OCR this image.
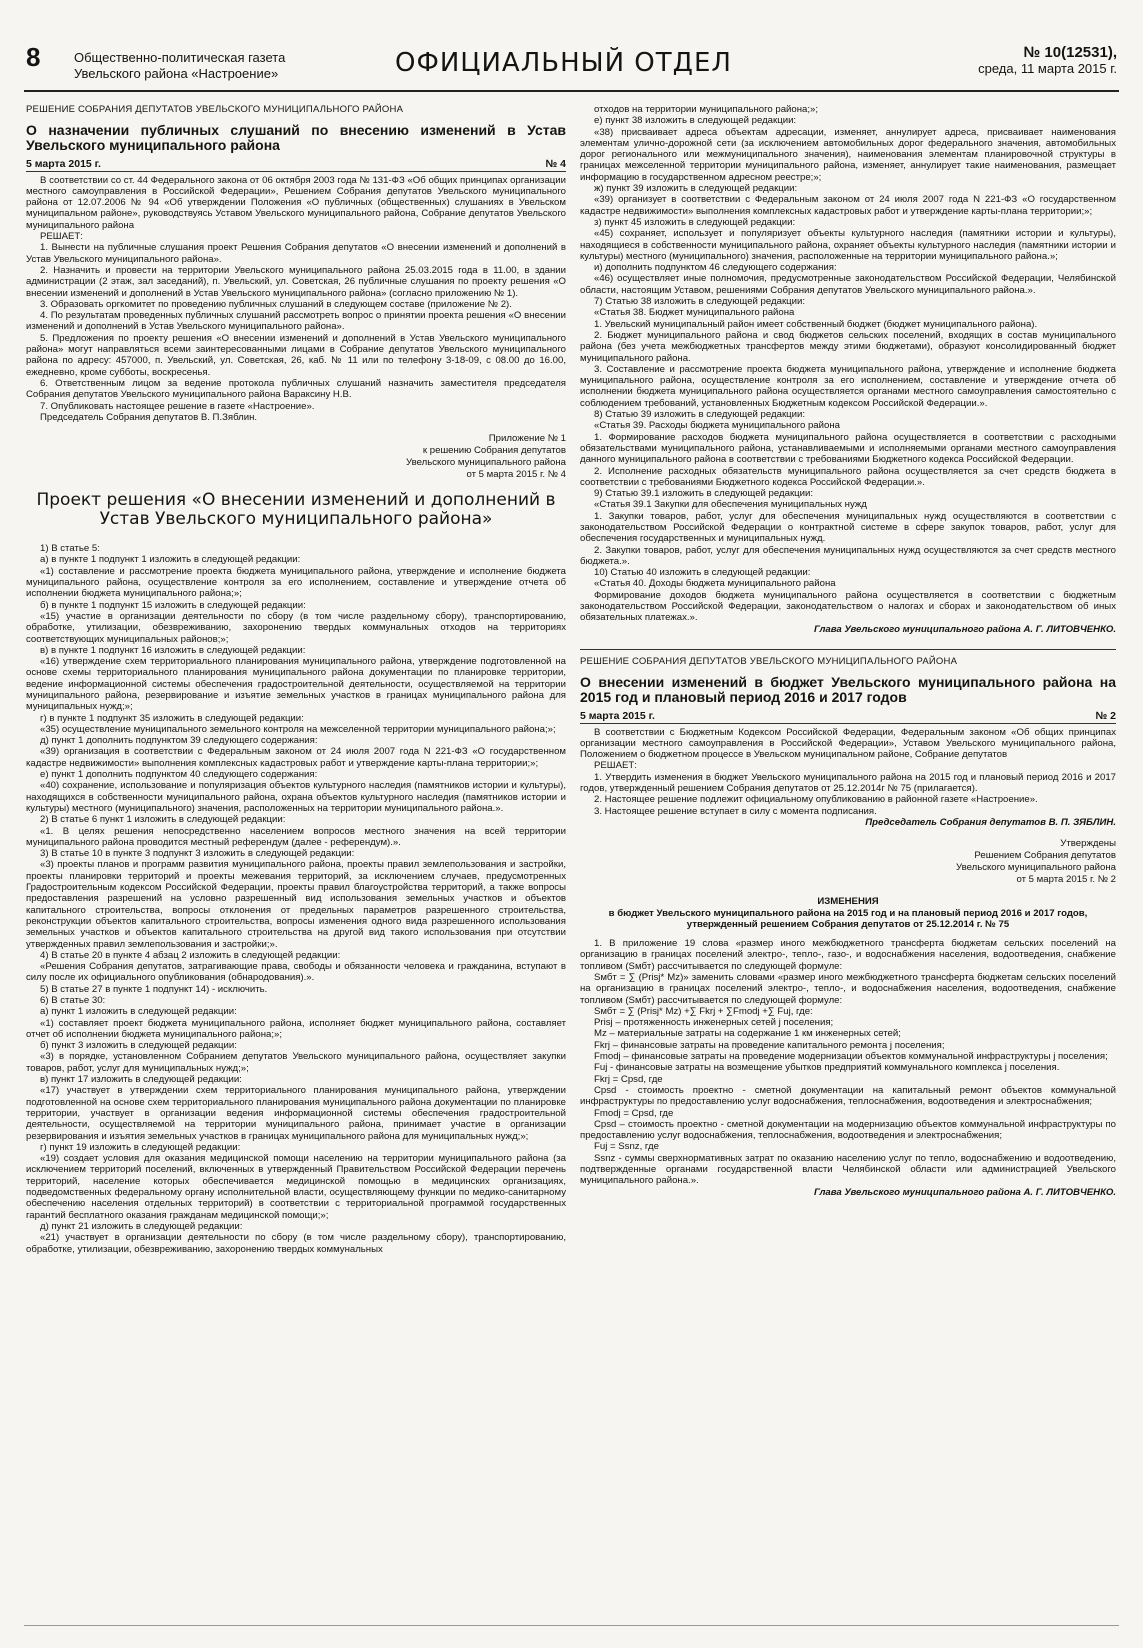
8	Общественно-политическая газета
Увельского района «Настроение»	ОФИЦИАЛЬНЫЙ ОТДЕЛ	№ 10(12531),
среда, 11 марта 2015 г.
РЕШЕНИЕ СОБРАНИЯ ДЕПУТАТОВ УВЕЛЬСКОГО МУНИЦИПАЛЬНОГО РАЙОНА
О назначении публичных слушаний по внесению изменений в Устав Увельского муниципального района
5 марта 2015 г.	№ 4

В соответствии со ст. 44 Федерального закона от 06 октября 2003 года № 131-ФЗ «Об общих принципах организации местного самоуправления в Российской Федерации», Решением Собрания депутатов Увельского муниципального района от 12.07.2006 № 94 «Об утверждении Положения «О публичных (общественных) слушаниях в Увельском муниципальном районе», руководствуясь Уставом Увельского муниципального района, Собрание депутатов Увельского муниципального района

РЕШАЕТ:

1. Вынести на публичные слушания проект Решения Собрания депутатов «О внесении изменений и дополнений в Устав Увельского муниципального района».

2. Назначить и провести на территории Увельского муниципального района 25.03.2015 года в 11.00, в здании администрации (2 этаж, зал заседаний), п. Увельский, ул. Советская, 26 публичные слушания по проекту решения «О внесении изменений и дополнений в Устав Увельского муниципального района» (согласно приложению № 1).

3. Образовать оргкомитет по проведению публичных слушаний в следующем составе (приложение № 2).

4. По результатам проведенных публичных слушаний рассмотреть вопрос о принятии проекта решения «О внесении изменений и дополнений в Устав Увельского муниципального района».

5. Предложения по проекту решения «О внесении изменений и дополнений в Устав Увельского муниципального района» могут направляться всеми заинтересованными лицами в Собрание депутатов Увельского муниципального района по адресу: 457000, п. Увельский, ул. Советская, 26, каб. № 11 или по телефону 3-18-09, с 08.00 до 16.00, ежедневно, кроме субботы, воскресенья.

6. Ответственным лицом за ведение протокола публичных слушаний назначить заместителя председателя Собрания депутатов Увельского муниципального района Вараксину Н.В.

7. Опубликовать настоящее решение в газете «Настроение».

Председатель Собрания депутатов В. П.Зяблин.

Приложение № 1
к решению Собрания депутатов
Увельского муниципального района
от 5 марта 2015 г. № 4
Проект решения «О внесении изменений и дополнений в Устав Увельского муниципального района»

1) В статье 5:

а) в пункте 1 подпункт 1 изложить в следующей редакции:

«1) составление и рассмотрение проекта бюджета муниципального района, утверждение и исполнение бюджета муниципального района, осуществление контроля за его исполнением, составление и утверждение отчета об исполнении бюджета муниципального района;»;

б) в пункте 1 подпункт 15 изложить в следующей редакции:

«15) участие в организации деятельности по сбору (в том числе раздельному сбору), транспортированию, обработке, утилизации, обезвреживанию, захоронению твердых коммунальных отходов на территориях соответствующих муниципальных районов;»;

в) в пункте 1 подпункт 16 изложить в следующей редакции:

«16) утверждение схем территориального планирования муниципального района, утверждение подготовленной на основе схемы территориального планирования муниципального района документации по планировке территории, ведение информационной системы обеспечения градостроительной деятельности, осуществляемой на территории муниципального района, резервирование и изъятие земельных участков в границах муниципального района для муниципальных нужд;»;

г) в пункте 1 подпункт 35 изложить в следующей редакции:

«35) осуществление муниципального земельного контроля на межселенной территории муниципального района;»;

д) пункт 1 дополнить подпунктом 39 следующего содержания:

«39) организация в соответствии с Федеральным законом от 24 июля 2007 года N 221-ФЗ «О государственном кадастре недвижимости» выполнения комплексных кадастровых работ и утверждение карты-плана территории;»;

е) пункт 1 дополнить подпунктом 40 следующего содержания:

«40) сохранение, использование и популяризация объектов культурного наследия (памятников истории и культуры), находящихся в собственности муниципального района, охрана объектов культурного наследия (памятников истории и культуры) местного (муниципального) значения, расположенных на территории муниципального района.».

2) В статье 6 пункт 1 изложить в следующей редакции:

«1. В целях решения непосредственно населением вопросов местного значения на всей территории муниципального района проводится местный референдум (далее - референдум).».

3) В статье 10 в пункте 3 подпункт 3 изложить в следующей редакции:

«3) проекты планов и программ развития муниципального района, проекты правил землепользования и застройки, проекты планировки территорий и проекты межевания территорий, за исключением случаев, предусмотренных Градостроительным кодексом Российской Федерации, проекты правил благоустройства территорий, а также вопросы предоставления разрешений на условно разрешенный вид использования земельных участков и объектов капитального строительства, вопросы отклонения от предельных параметров разрешенного строительства, реконструкции объектов капитального строительства, вопросы изменения одного вида разрешенного использования земельных участков и объектов капитального строительства на другой вид такого использования при отсутствии утвержденных правил землепользования и застройки;».

4) В статье 20 в пункте 4 абзац 2 изложить в следующей редакции:

«Решения Собрания депутатов, затрагивающие права, свободы и обязанности человека и гражданина, вступают в силу после их официального опубликования (обнародования).».

5) В статье 27 в пункте 1 подпункт 14) - исключить.

6) В статье 30:

а) пункт 1 изложить в следующей редакции:

«1) составляет проект бюджета муниципального района, исполняет бюджет муниципального района, составляет отчет об исполнении бюджета муниципального района;»;

б) пункт 3 изложить в следующей редакции:

«3) в порядке, установленном Собранием депутатов Увельского муниципального района, осуществляет закупки товаров, работ, услуг для муниципальных нужд;»;

в) пункт 17 изложить в следующей редакции:

«17) участвует в утверждении схем территориального планирования муниципального района, утверждении подготовленной на основе схем территориального планирования муниципального района документации по планировке территории, участвует в организации ведения информационной системы обеспечения градостроительной деятельности, осуществляемой на территории муниципального района, принимает участие в организации резервирования и изъятия земельных участков в границах муниципального района для муниципальных нужд;»;

г) пункт 19 изложить в следующей редакции:

«19) создает условия для оказания медицинской помощи населению на территории муниципального района (за исключением территорий поселений, включенных в утвержденный Правительством Российской Федерации перечень территорий, население которых обеспечивается медицинской помощью в медицинских организациях, подведомственных федеральному органу исполнительной власти, осуществляющему функции по медико-санитарному обеспечению населения отдельных территорий) в соответствии с территориальной программой государственных гарантий бесплатного оказания гражданам медицинской помощи;»;

д) пункт 21 изложить в следующей редакции:

«21) участвует в организации деятельности по сбору (в том числе раздельному сбору), транспортированию, обработке, утилизации, обезвреживанию, захоронению твердых коммунальных

отходов на территории муниципального района;»;

е) пункт 38 изложить в следующей редакции:

«38) присваивает адреса объектам адресации, изменяет, аннулирует адреса, присваивает наименования элементам улично-дорожной сети (за исключением автомобильных дорог федерального значения, автомобильных дорог регионального или межмуниципального значения), наименования элементам планировочной структуры в границах межселенной территории муниципального района, изменяет, аннулирует такие наименования, размещает информацию в государственном адресном реестре;»;

ж) пункт 39 изложить в следующей редакции:

«39) организует в соответствии с Федеральным законом от 24 июля 2007 года N 221-ФЗ «О государственном кадастре недвижимости» выполнения комплексных кадастровых работ и утверждение карты-плана территории;»;

з) пункт 45 изложить в следующей редакции:

«45) сохраняет, использует и популяризует объекты культурного наследия (памятники истории и культуры), находящиеся в собственности муниципального района, охраняет объекты культурного наследия (памятники истории и культуры) местного (муниципального) значения, расположенные на территории муниципального района.»;

и) дополнить подпунктом 46 следующего содержания:

«46) осуществляет иные полномочия, предусмотренные законодательством Российской Федерации, Челябинской области, настоящим Уставом, решениями Собрания депутатов Увельского муниципального района.».

7) Статью 38 изложить в следующей редакции:

«Статья 38. Бюджет муниципального района

1. Увельский муниципальный район имеет собственный бюджет (бюджет муниципального района).

2. Бюджет муниципального района и свод бюджетов сельских поселений, входящих в состав муниципального района (без учета межбюджетных трансфертов между этими бюджетами), образуют консолидированный бюджет муниципального района.

3. Составление и рассмотрение проекта бюджета муниципального района, утверждение и исполнение бюджета муниципального района, осуществление контроля за его исполнением, составление и утверждение отчета об исполнении бюджета муниципального района осуществляется органами местного самоуправления самостоятельно с соблюдением требований, установленных Бюджетным кодексом Российской Федерации.».

8) Статью 39 изложить в следующей редакции:

«Статья 39. Расходы бюджета муниципального района

1. Формирование расходов бюджета муниципального района осуществляется в соответствии с расходными обязательствами муниципального района, устанавливаемыми и исполняемыми органами местного самоуправления данного муниципального района в соответствии с требованиями Бюджетного кодекса Российской Федерации.

2. Исполнение расходных обязательств муниципального района осуществляется за счет средств бюджета в соответствии с требованиями Бюджетного кодекса Российской Федерации.».

9) Статью 39.1 изложить в следующей редакции:

«Статья 39.1 Закупки для обеспечения муниципальных нужд

1. Закупки товаров, работ, услуг для обеспечения муниципальных нужд осуществляются в соответствии с законодательством Российской Федерации о контрактной системе в сфере закупок товаров, работ, услуг для обеспечения государственных и муниципальных нужд.

2. Закупки товаров, работ, услуг для обеспечения муниципальных нужд осуществляются за счет средств местного бюджета.».

10) Статью 40 изложить в следующей редакции:

«Статья 40. Доходы бюджета муниципального района

Формирование доходов бюджета муниципального района осуществляется в соответствии с бюджетным законодательством Российской Федерации, законодательством о налогах и сборах и законодательством об иных обязательных платежах.».

Глава Увельского муниципального района А. Г. ЛИТОВЧЕНКО.

РЕШЕНИЕ СОБРАНИЯ ДЕПУТАТОВ УВЕЛЬСКОГО МУНИЦИПАЛЬНОГО РАЙОНА
О внесении изменений в бюджет Увельского муниципального района на 2015 год и плановый период 2016 и 2017 годов
5 марта 2015 г.	№ 2

В соответствии с Бюджетным Кодексом Российской Федерации, Федеральным законом «Об общих принципах организации местного самоуправления в Российской Федерации», Уставом Увельского муниципального района, Положением о бюджетном процессе в Увельском муниципальном районе, Собрание депутатов

РЕШАЕТ:

1. Утвердить изменения в бюджет Увельского муниципального района на 2015 год и плановый период 2016 и 2017 годов, утвержденный решением Собрания депутатов от 25.12.2014г № 75 (прилагается).

2. Настоящее решение подлежит официальному опубликованию в районной газете «Настроение».

3. Настоящее решение вступает в силу с момента подписания.

Председатель Собрания депутатов В. П. ЗЯБЛИН.

Утверждены
Решением Собрания депутатов
Увельского муниципального района
от 5 марта 2015 г. № 2
ИЗМЕНЕНИЯ
в бюджет Увельского муниципального района на 2015 год и на плановый период 2016 и 2017 годов, утвержденный решением Собрания депутатов от 25.12.2014 г. № 75

1. В приложение 19 слова «размер иного межбюджетного трансферта бюджетам сельских поселений на организацию в границах поселений электро-, тепло-, газо-, и водоснабжения населения, водоотведения, снабжение топливом (Sмбт) рассчитывается по следующей формуле:

Sмбт = ∑ (Prisj* Mz)» заменить словами «размер иного межбюджетного трансферта бюджетам сельских поселений на организацию в границах поселений электро-, тепло-, и водоснабжения населения, водоотведения, снабжение топливом (Sмбт) рассчитывается по следующей формуле:

Sмбт = ∑ (Prisj* Mz) +∑ Fkrj + ∑Fmodj +∑ Fuj, где:

Prisj – протяженность инженерных сетей j поселения;

Mz – материальные затраты на содержание 1 км инженерных сетей;

Fkrj – финансовые затраты на проведение капитального ремонта j поселения;

Fmodj – финансовые затраты на проведение модернизации объектов коммунальной инфраструктуры j поселения;

Fuj - финансовые затраты на возмещение убытков предприятий коммунального комплекса j поселения.

Fkrj = Cpsd, где

Cpsd - стоимость проектно - сметной документации на капитальный ремонт объектов коммунальной инфраструктуры по предоставлению услуг водоснабжения, теплоснабжения, водоотведения и электроснабжения;

Fmodj = Cpsd, где

Cpsd – стоимость проектно - сметной документации на модернизацию объектов коммунальной инфраструктуры по предоставлению услуг водоснабжения, теплоснабжения, водоотведения и электроснабжения;

Fuj = Ssnz, где

Ssnz - суммы сверхнормативных затрат по оказанию населению услуг по тепло, водоснабжению и водоотведению, подтвержденные органами государственной власти Челябинской области или администрацией Увельского муниципального района.».

Глава Увельского муниципального района А. Г. ЛИТОВЧЕНКО.
